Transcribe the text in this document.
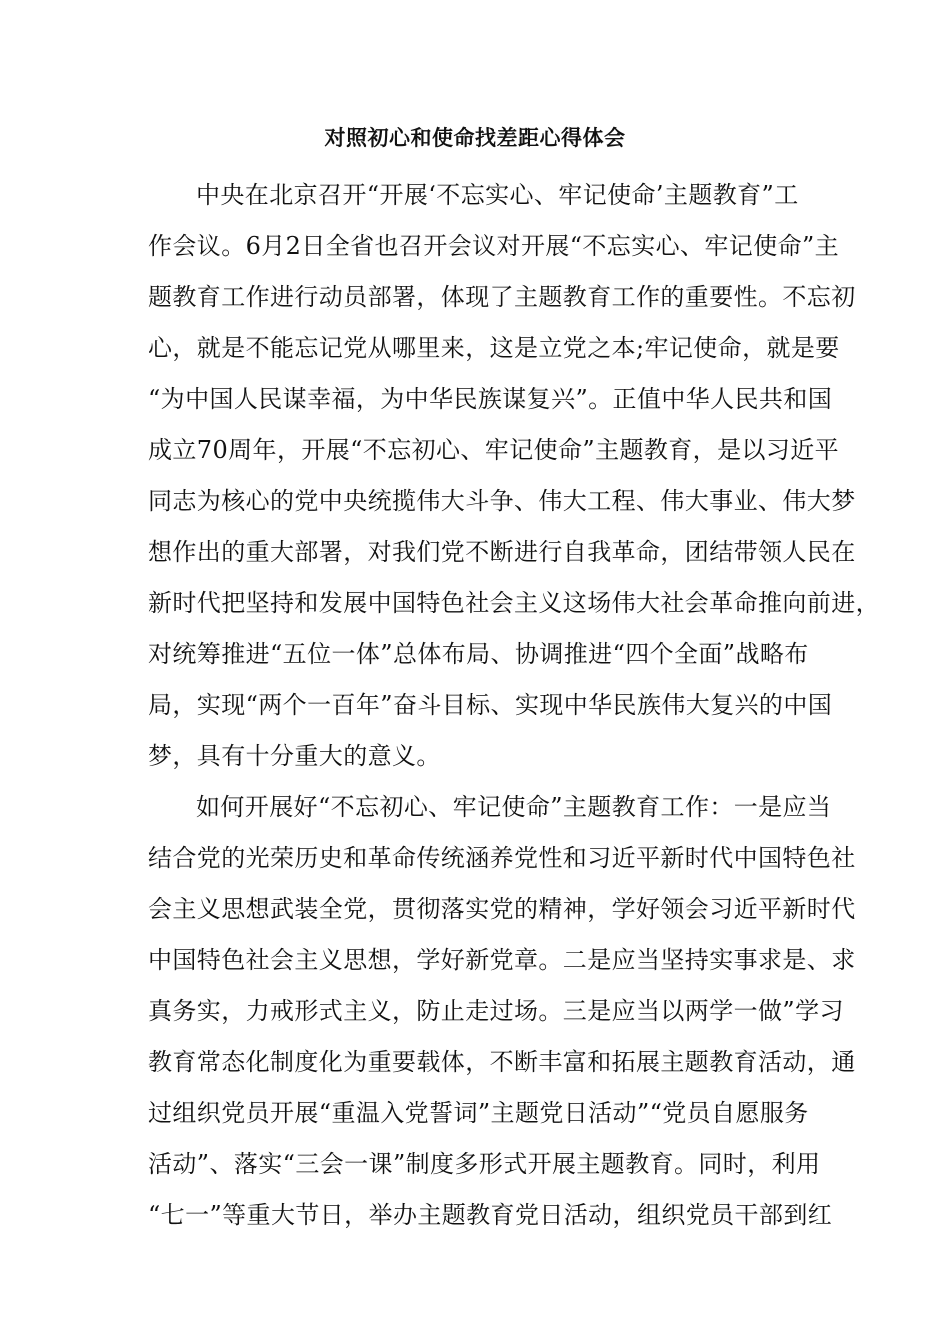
对照初心和使命找差距心得体会
中央在北京召开“开展‘不忘实心、牢记使命’主题教育”工
作会议。6月2日全省也召开会议对开展“不忘实心、牢记使命”主
题教育工作进行动员部署，体现了主题教育工作的重要性。不忘初
心，就是不能忘记党从哪里来，这是立党之本;牢记使命，就是要
“为中国人民谋幸福，为中华民族谋复兴”。正值中华人民共和国
成立70周年，开展“不忘初心、牢记使命”主题教育，是以习近平
同志为核心的党中央统揽伟大斗争、伟大工程、伟大事业、伟大梦
想作出的重大部署，对我们党不断进行自我革命，团结带领人民在
新时代把坚持和发展中国特色社会主义这场伟大社会革命推向前进，
对统筹推进“五位一体”总体布局、协调推进“四个全面”战略布
局，实现“两个一百年”奋斗目标、实现中华民族伟大复兴的中国
梦，具有十分重大的意义。
如何开展好“不忘初心、牢记使命”主题教育工作：一是应当
结合党的光荣历史和革命传统涵养党性和习近平新时代中国特色社
会主义思想武装全党，贯彻落实党的精神，学好领会习近平新时代
中国特色社会主义思想，学好新党章。二是应当坚持实事求是、求
真务实，力戒形式主义，防止走过场。三是应当以两学一做”学习
教育常态化制度化为重要载体，不断丰富和拓展主题教育活动，通
过组织党员开展“重温入党誓词”主题党日活动”“党员自愿服务
活动”、落实“三会一课”制度多形式开展主题教育。同时，利用
“七一”等重大节日，举办主题教育党日活动，组织党员干部到红
